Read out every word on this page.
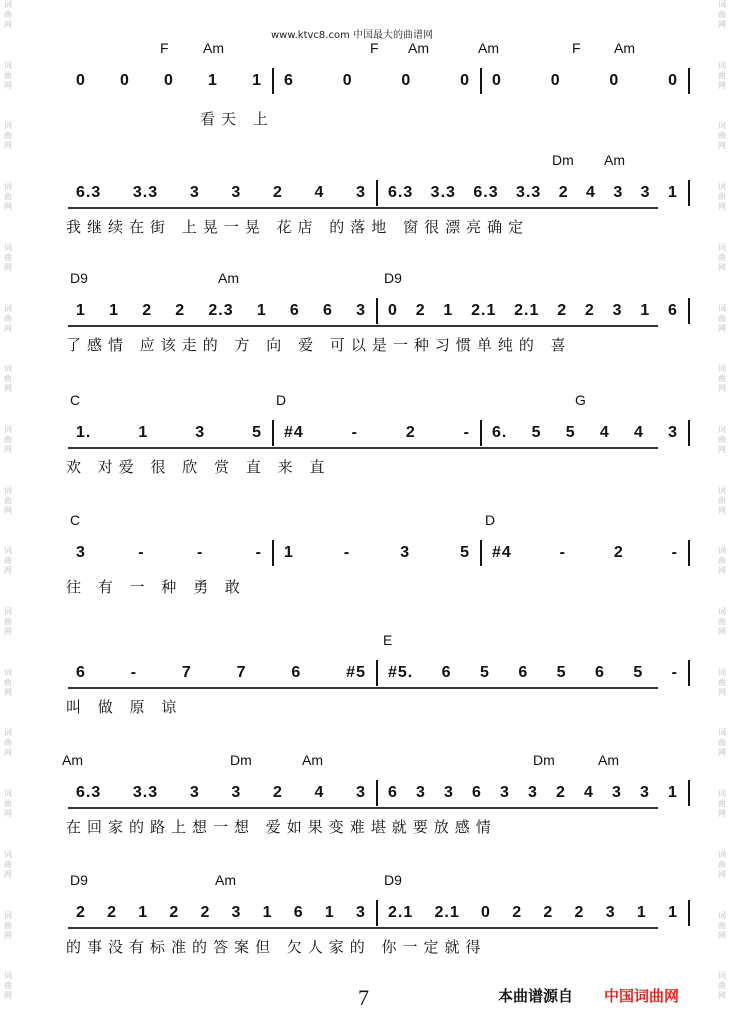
词
曲
网
词
曲
网
词
曲
网
词
曲
网
词
曲
网
词
曲
网
词
曲
网
词
曲
网
词
曲
网
词
曲
网
词
曲
网
词
曲
网
词
曲
网
词
曲
网
词
曲
网
词
曲
网
词
曲
网
词
曲
网
词
曲
网
词
曲
网
词
曲
网
词
曲
网
词
曲
网
词
曲
网
词
曲
网
词
曲
网
词
曲
网
词
曲
网
词
曲
网
词
曲
网
词
曲
网
词
曲
网
词
曲
网
词
曲
网
www.ktvc8.com 中国最大的曲谱网
F Am	F Am	Am	F Am
0 0 0 1 1 6	0	0	0 0	0	0	0
看天 上
Dm Am
6.3 3.3 3 3 2 4 3 6.3 3.3 6.3 3.3 2 4 3 3 1
我继续在街 上晃一晃 花店 的落地 窗很漂亮确定
D9	Am	D9
1 1 2 2 2.3 1 6 6 3 0 2 1 2.1 2.1 2 2 3 1 6
了感情 应该走的 方 向 爱 可以是一种习惯单纯的 喜
C	D	G
1.	1	3	5 #4	-	2	- 6. 5 5 4 4 3
欢 对爱 很 欣 赏 直 来 直
C	D
3	-	-	- 1	-	3	5 #4	-	2	-
往 有 一 种 勇 敢
E
6	-	7	7	6	#5 #5. 6 5 6 5 6 5 -
叫 做 原 谅
Am	Dm	Am	Dm	Am
6.3 3.3 3 3 2 4 3 6 3 3 6 3 3 2 4 3 3 1
在回家的路上想一想 爱如果变难堪就要放感情
D9	Am	D9
2 2 1 2 2 3 1 6 1 3 2.1 2.1 0 2 2 2 3 1 1
的事没有标准的答案但 欠人家的 你一定就得
7	本曲谱源自 中国词曲网
